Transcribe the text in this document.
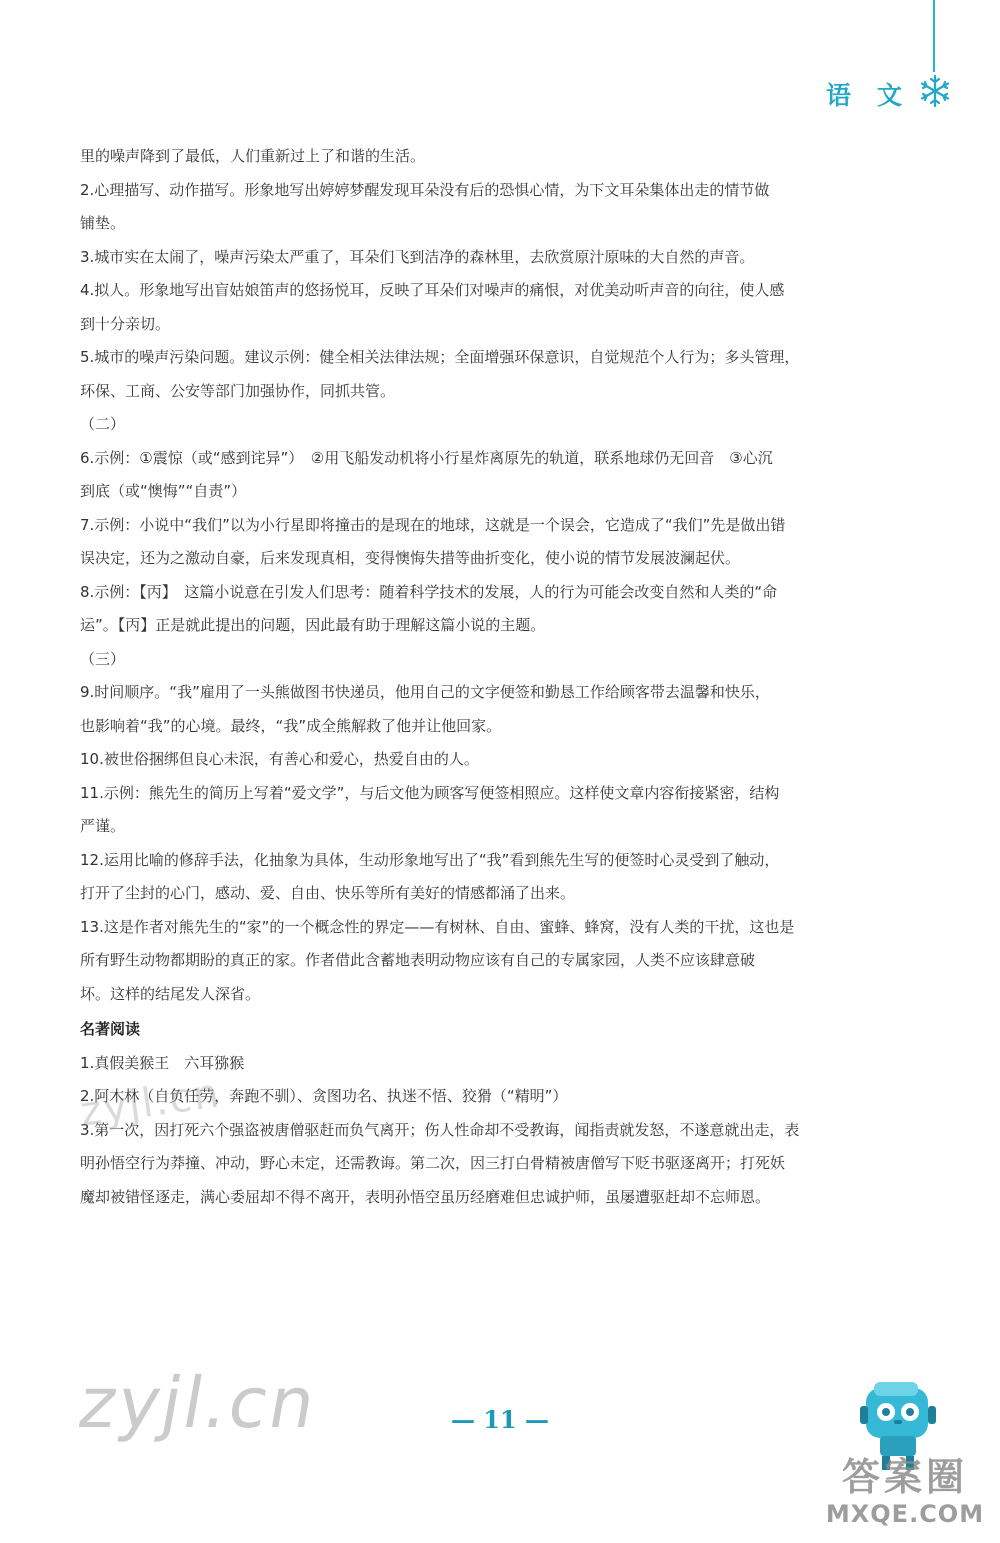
语 文

里的噪声降到了最低，人们重新过上了和谐的生活。

2.心理描写、动作描写。形象地写出婷婷梦醒发现耳朵没有后的恐惧心情，为下文耳朵集体出走的情节做

铺垫。

3.城市实在太闹了，噪声污染太严重了，耳朵们飞到洁净的森林里，去欣赏原汁原味的大自然的声音。

4.拟人。形象地写出盲姑娘笛声的悠扬悦耳，反映了耳朵们对噪声的痛恨，对优美动听声音的向往，使人感

到十分亲切。

5.城市的噪声污染问题。建议示例：健全相关法律法规；全面增强环保意识，自觉规范个人行为；多头管理，

环保、工商、公安等部门加强协作，同抓共管。

（二）

6.示例：①震惊（或“感到诧异”）　②用飞船发动机将小行星炸离原先的轨道，联系地球仍无回音　③心沉

到底（或“懊悔”“自责”）

7.示例：小说中“我们”以为小行星即将撞击的是现在的地球，这就是一个误会，它造成了“我们”先是做出错

误决定，还为之激动自豪，后来发现真相，变得懊悔失措等曲折变化，使小说的情节发展波澜起伏。

8.示例：【丙】　这篇小说意在引发人们思考：随着科学技术的发展，人的行为可能会改变自然和人类的“命

运”。【丙】正是就此提出的问题，因此最有助于理解这篇小说的主题。

（三）

9.时间顺序。“我”雇用了一头熊做图书快递员，他用自己的文字便签和勤恳工作给顾客带去温馨和快乐，

也影响着“我”的心境。最终，“我”成全熊解救了他并让他回家。

10.被世俗捆绑但良心未泯，有善心和爱心，热爱自由的人。

11.示例：熊先生的简历上写着“爱文学”，与后文他为顾客写便签相照应。这样使文章内容衔接紧密，结构

严谨。

12.运用比喻的修辞手法，化抽象为具体，生动形象地写出了“我”看到熊先生写的便签时心灵受到了触动，

打开了尘封的心门，感动、爱、自由、快乐等所有美好的情感都涌了出来。

13.这是作者对熊先生的“家”的一个概念性的界定——有树林、自由、蜜蜂、蜂窝，没有人类的干扰，这也是

所有野生动物都期盼的真正的家。作者借此含蓄地表明动物应该有自己的专属家园，人类不应该肆意破

坏。这样的结尾发人深省。

名著阅读

1.真假美猴王　六耳猕猴

2.阿木林（自负任劳，奔跑不驯）、贪图功名、执迷不悟、狡猾（“精明”）

3.第一次，因打死六个强盗被唐僧驱赶而负气离开；伤人性命却不受教诲，闻指责就发怒，不遂意就出走，表

明孙悟空行为莽撞、冲动，野心未定，还需教诲。第二次，因三打白骨精被唐僧写下贬书驱逐离开；打死妖

魔却被错怪逐走，满心委屈却不得不离开，表明孙悟空虽历经磨难但忠诚护师，虽屡遭驱赶却不忘师恩。

zyjl.cn
zyjl.cn	— 11 —
答案圈
MXQE.COM
